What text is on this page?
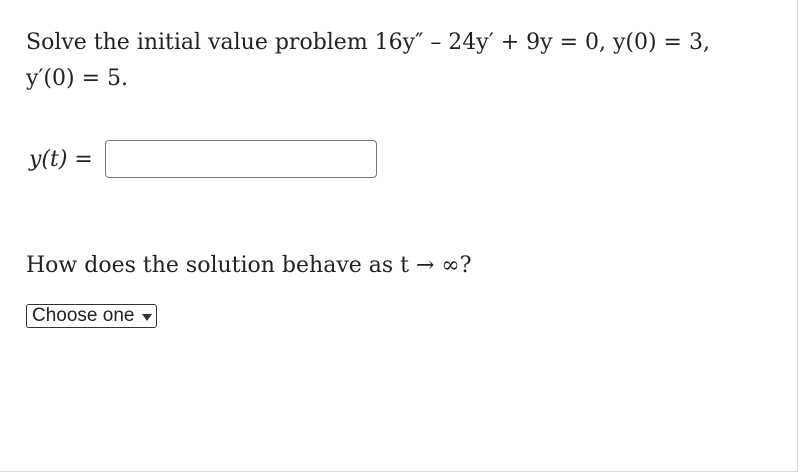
Solve the initial value problem 16y″ – 24y′ + 9y = 0, y(0) = 3,
y′(0) = 5.
y(t) =
How does the solution behave as t → ∞?
Choose one
